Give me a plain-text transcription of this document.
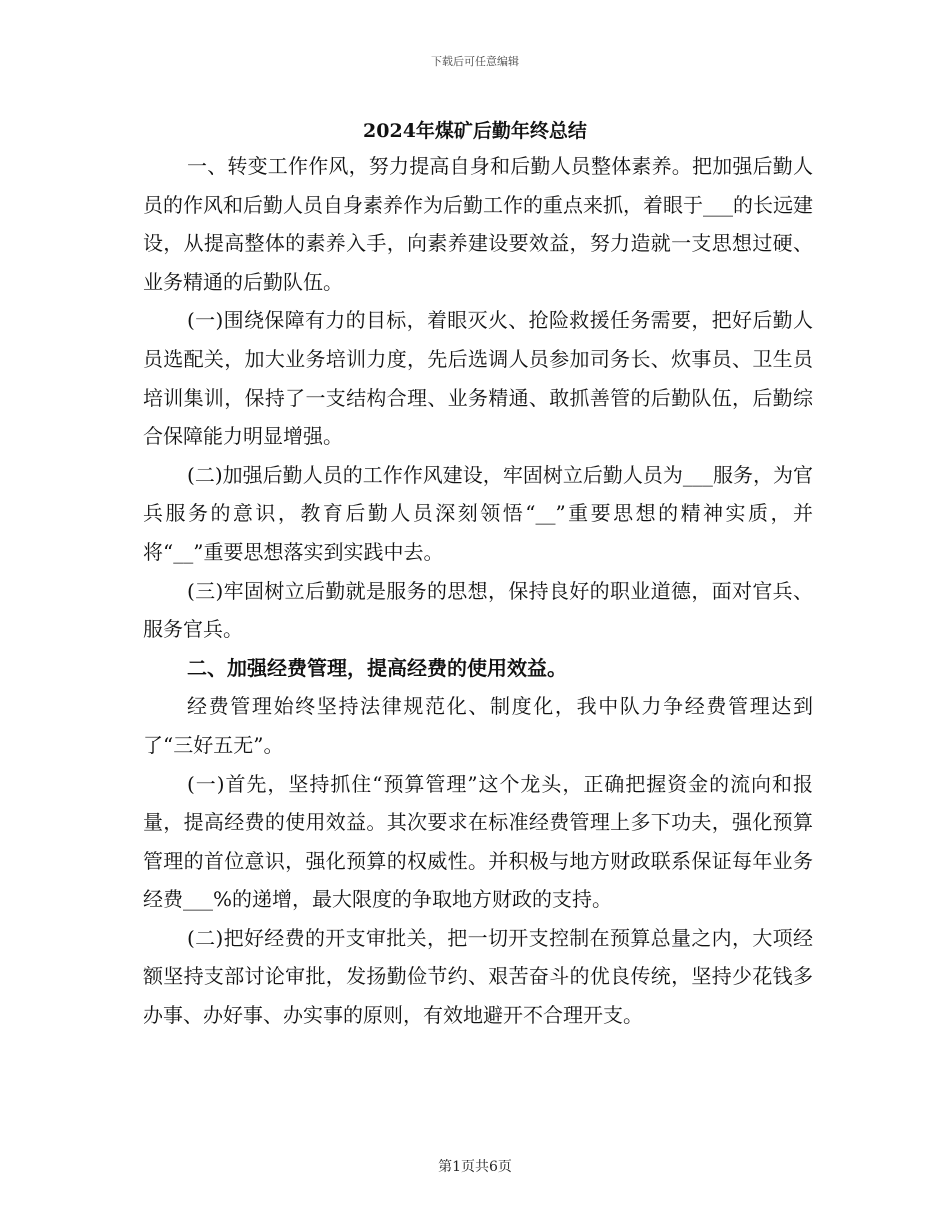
下载后可任意编辑
2024年煤矿后勤年终总结

一、转变工作作风，努力提高自身和后勤人员整体素养。把加强后勤人员的作风和后勤人员自身素养作为后勤工作的重点来抓，着眼于___的长远建设，从提高整体的素养入手，向素养建设要效益，努力造就一支思想过硬、业务精通的后勤队伍。

(一)围绕保障有力的目标，着眼灭火、抢险救援任务需要，把好后勤人员选配关，加大业务培训力度，先后选调人员参加司务长、炊事员、卫生员培训集训，保持了一支结构合理、业务精通、敢抓善管的后勤队伍，后勤综合保障能力明显增强。

(二)加强后勤人员的工作作风建设，牢固树立后勤人员为___服务，为官兵服务的意识，教育后勤人员深刻领悟“__”重要思想的精神实质，并将“__”重要思想落实到实践中去。

(三)牢固树立后勤就是服务的思想，保持良好的职业道德，面对官兵、服务官兵。

二、加强经费管理，提高经费的使用效益。

经费管理始终坚持法律规范化、制度化，我中队力争经费管理达到了“三好五无”。

(一)首先，坚持抓住“预算管理”这个龙头，正确把握资金的流向和报量，提高经费的使用效益。其次要求在标准经费管理上多下功夫，强化预算管理的首位意识，强化预算的权威性。并积极与地方财政联系保证每年业务经费___%的递增，最大限度的争取地方财政的支持。

(二)把好经费的开支审批关，把一切开支控制在预算总量之内，大项经额坚持支部讨论审批，发扬勤俭节约、艰苦奋斗的优良传统，坚持少花钱多办事、办好事、办实事的原则，有效地避开不合理开支。

第1页共6页
